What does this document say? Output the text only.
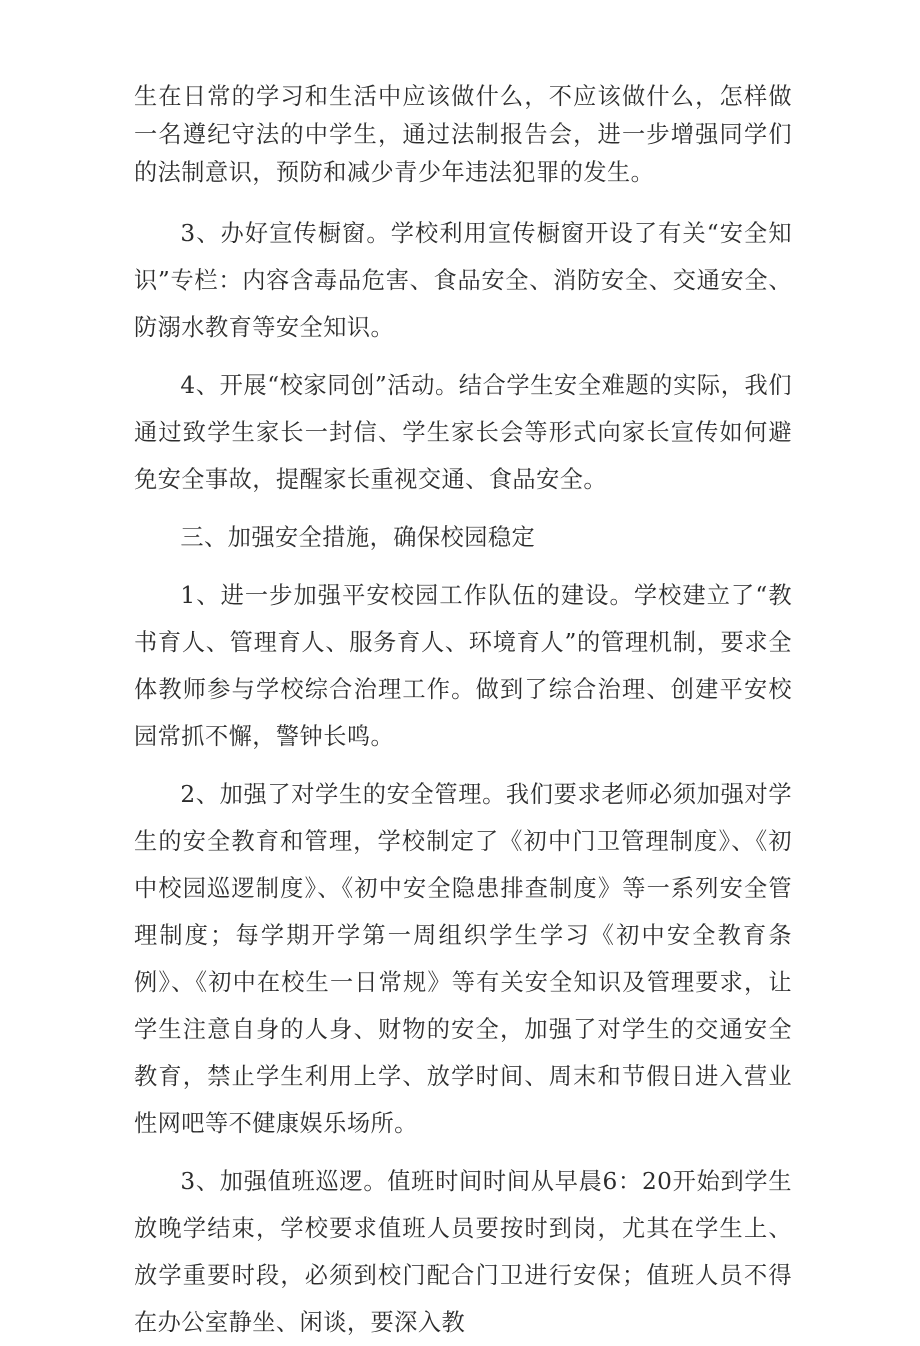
生在日常的学习和生活中应该做什么，不应该做什么，怎样做一名遵纪守法的中学生，通过法制报告会，进一步增强同学们的法制意识，预防和减少青少年违法犯罪的发生。

3、办好宣传橱窗。学校利用宣传橱窗开设了有关“安全知识”专栏：内容含毒品危害、食品安全、消防安全、交通安全、防溺水教育等安全知识。

4、开展“校家同创”活动。结合学生安全难题的实际，我们通过致学生家长一封信、学生家长会等形式向家长宣传如何避免安全事故，提醒家长重视交通、食品安全。

三、加强安全措施，确保校园稳定

1、进一步加强平安校园工作队伍的建设。学校建立了“教书育人、管理育人、服务育人、环境育人”的管理机制，要求全体教师参与学校综合治理工作。做到了综合治理、创建平安校园常抓不懈，警钟长鸣。

2、加强了对学生的安全管理。我们要求老师必须加强对学生的安全教育和管理，学校制定了《初中门卫管理制度》、《初中校园巡逻制度》、《初中安全隐患排查制度》等一系列安全管理制度；每学期开学第一周组织学生学习《初中安全教育条例》、《初中在校生一日常规》等有关安全知识及管理要求，让学生注意自身的人身、财物的安全，加强了对学生的交通安全教育，禁止学生利用上学、放学时间、周末和节假日进入营业性网吧等不健康娱乐场所。

3、加强值班巡逻。值班时间时间从早晨6：20开始到学生放晚学结束，学校要求值班人员要按时到岗，尤其在学生上、放学重要时段，必须到校门配合门卫进行安保；值班人员不得在办公室静坐、闲谈，要深入教
